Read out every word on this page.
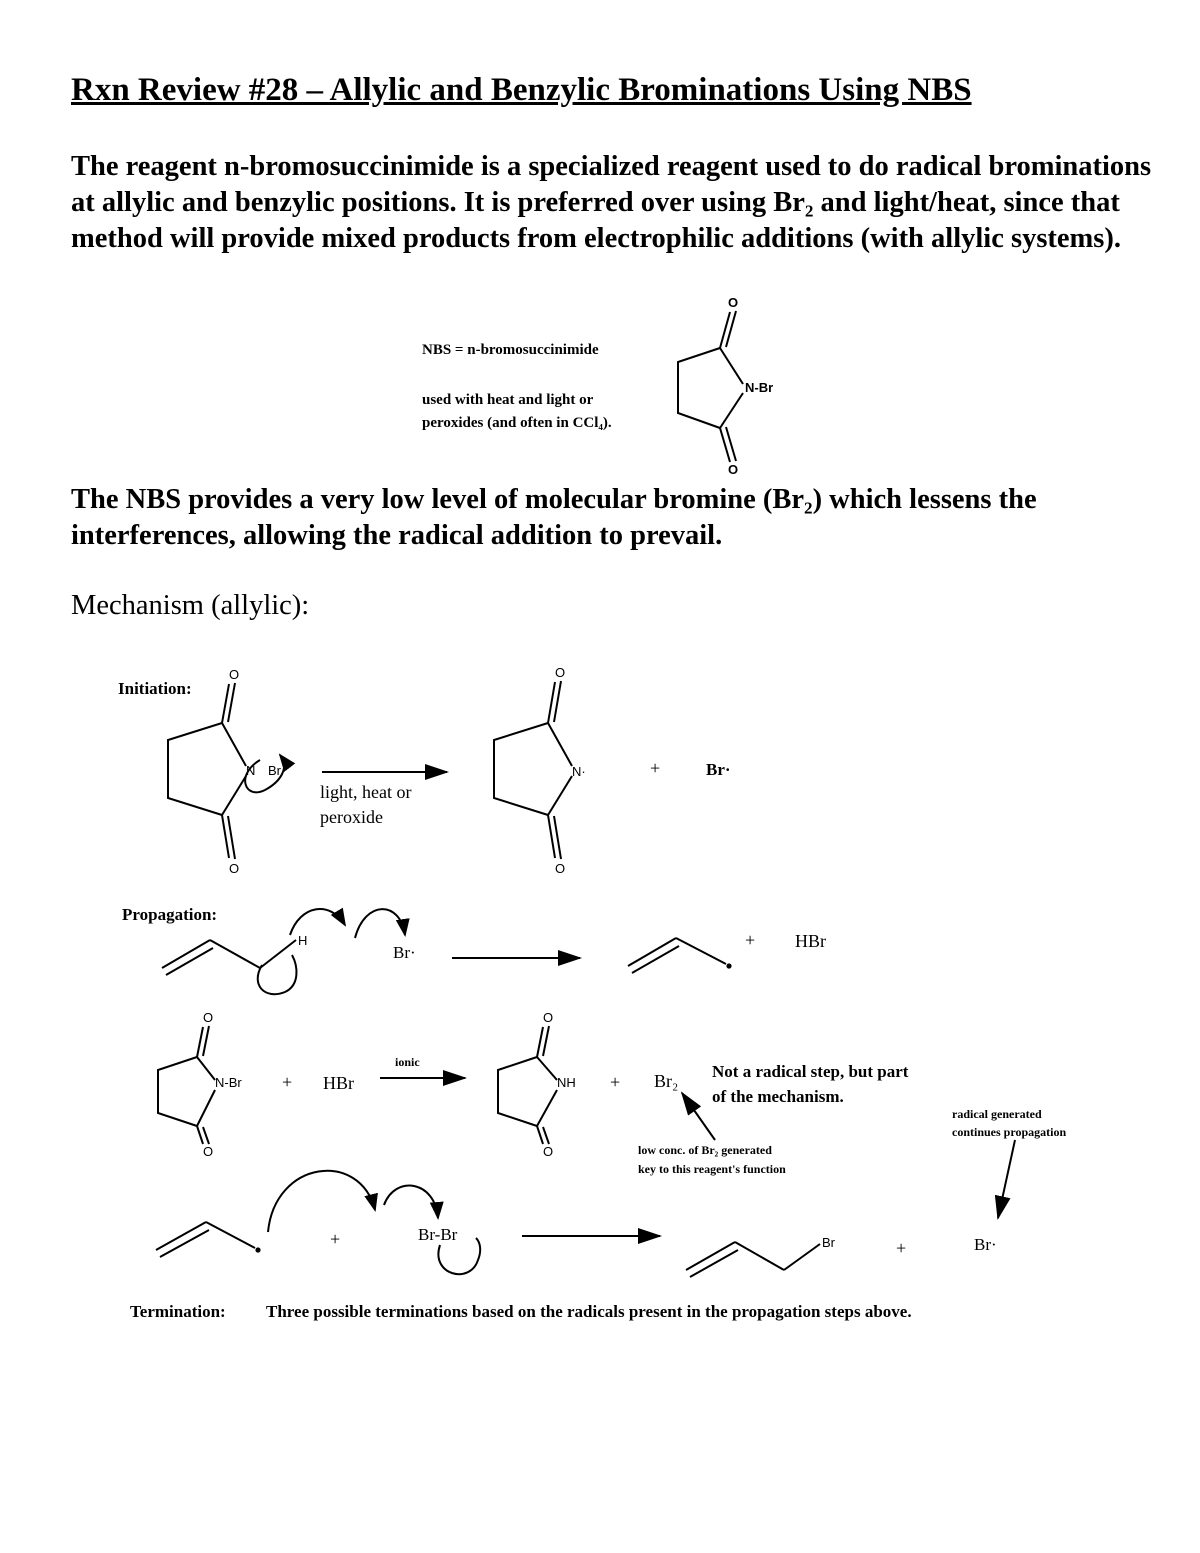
Rxn Review #28 – Allylic and Benzylic Brominations Using NBS

The reagent n-bromosuccinimide is a specialized reagent used to do radical brominations at allylic and benzylic positions. It is preferred over using Br₂ and light/heat, since that method will provide mixed products from electrophilic additions (with allylic systems).

NBS = n-bromosuccinimide
used with heat and light or
peroxides (and often in CCl₄).
O
N-Br
O

The NBS provides a very low level of molecular bromine (Br₂) which lessens the interferences, allowing the radical addition to prevail.

Mechanism (allylic):
Initiation:
O
O
N Br
light, heat or
peroxide
O
O
N·	+	Br·
Propagation:
H
Br·
+ HBr
O
O
N-Br + HBr
ionic
O
O
NH + Br₂ Not a radical step, but part
of the mechanism.
low conc. of Br₂ generated
key to this reagent's function
radical generated
continues propagation
+	Br-Br	Br	+	Br·
Termination: Three possible terminations based on the radicals present in the propagation steps above.
